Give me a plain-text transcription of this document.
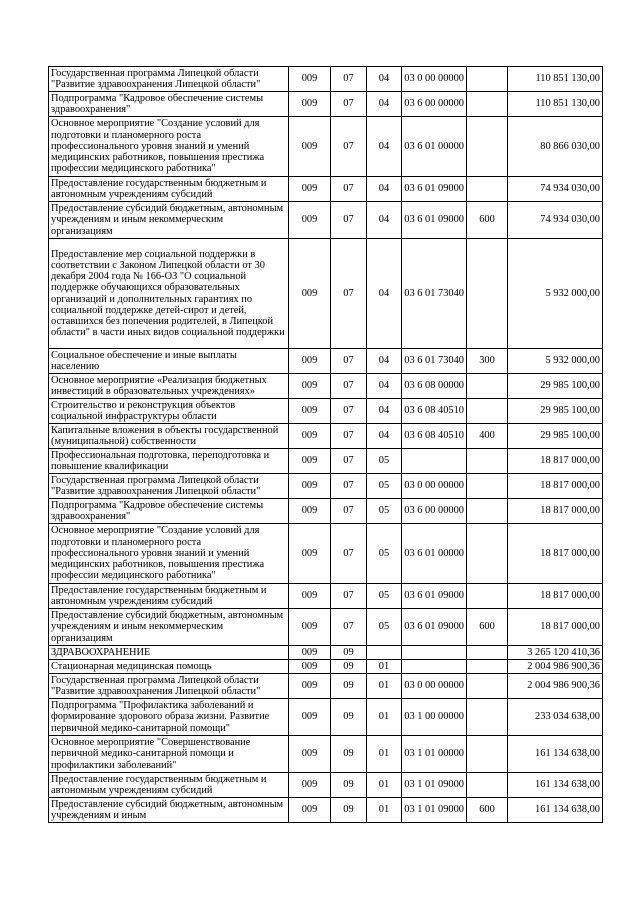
Государственная программа Липецкой области "Развитие здравоохранения Липецкой области"	009	07	04	03 0 00 00000		110 851 130,00
Подпрограмма "Кадровое обеспечение системы здравоохранения"	009	07	04	03 6 00 00000		110 851 130,00
Основное мероприятие "Создание условий для подготовки и планомерного роста профессионального уровня знаний и умений медицинских работников, повышения престижа профессии медицинского работника"	009	07	04	03 6 01 00000		80 866 030,00
Предоставление государственным бюджетным и автономным учреждениям субсидий	009	07	04	03 6 01 09000		74 934 030,00
Предоставление субсидий бюджетным, автономным учреждениям и иным некоммерческим организациям	009	07	04	03 6 01 09000	600	74 934 030,00
Предоставление мер социальной поддержки в соответствии с Законом Липецкой области от 30 декабря 2004 года № 166-ОЗ "О социальной поддержке обучающихся образовательных организаций и дополнительных гарантиях по социальной поддержке детей-сирот и детей, оставшихся без попечения родителей, в Липецкой области" в части иных видов социальной поддержки	009	07	04	03 6 01 73040		5 932 000,00
Социальное обеспечение и иные выплаты населению	009	07	04	03 6 01 73040	300	5 932 000,00
Основное мероприятие «Реализация бюджетных инвестиций в образовательных учреждениях»	009	07	04	03 6 08 00000		29 985 100,00
Строительство и реконструкция объектов социальной инфраструктуры области	009	07	04	03 6 08 40510		29 985 100,00
Капитальные вложения в объекты государственной (муниципальной) собственности	009	07	04	03 6 08 40510	400	29 985 100,00
Профессиональная подготовка, переподготовка и повышение квалификации	009	07	05			18 817 000,00
Государственная программа Липецкой области "Развитие здравоохранения Липецкой области"	009	07	05	03 0 00 00000		18 817 000,00
Подпрограмма "Кадровое обеспечение системы здравоохранения"	009	07	05	03 6 00 00000		18 817 000,00
Основное мероприятие "Создание условий для подготовки и планомерного роста профессионального уровня знаний и умений медицинских работников, повышения престижа профессии медицинского работника"	009	07	05	03 6 01 00000		18 817 000,00
Предоставление государственным бюджетным и автономным учреждениям субсидий	009	07	05	03 6 01 09000		18 817 000,00
Предоставление субсидий бюджетным, автономным учреждениям и иным некоммерческим организациям	009	07	05	03 6 01 09000	600	18 817 000,00
ЗДРАВООХРАНЕНИЕ	009	09				3 265 120 410,36
Стационарная медицинская помощь	009	09	01			2 004 986 900,36
Государственная программа Липецкой области "Развитие здравоохранения Липецкой области"	009	09	01	03 0 00 00000		2 004 986 900,36
Подпрограмма "Профилактика заболеваний и формирование здорового образа жизни. Развитие первичной медико-санитарной помощи"	009	09	01	03 1 00 00000		233 034 638,00
Основное мероприятие "Совершенствование первичной медико-санитарной помощи и профилактики заболеваний"	009	09	01	03 1 01 00000		161 134 638,00
Предоставление государственным бюджетным и автономным учреждениям субсидий	009	09	01	03 1 01 09000		161 134 638,00
Предоставление субсидий бюджетным, автономным учреждениям и иным	009	09	01	03 1 01 09000	600	161 134 638,00
